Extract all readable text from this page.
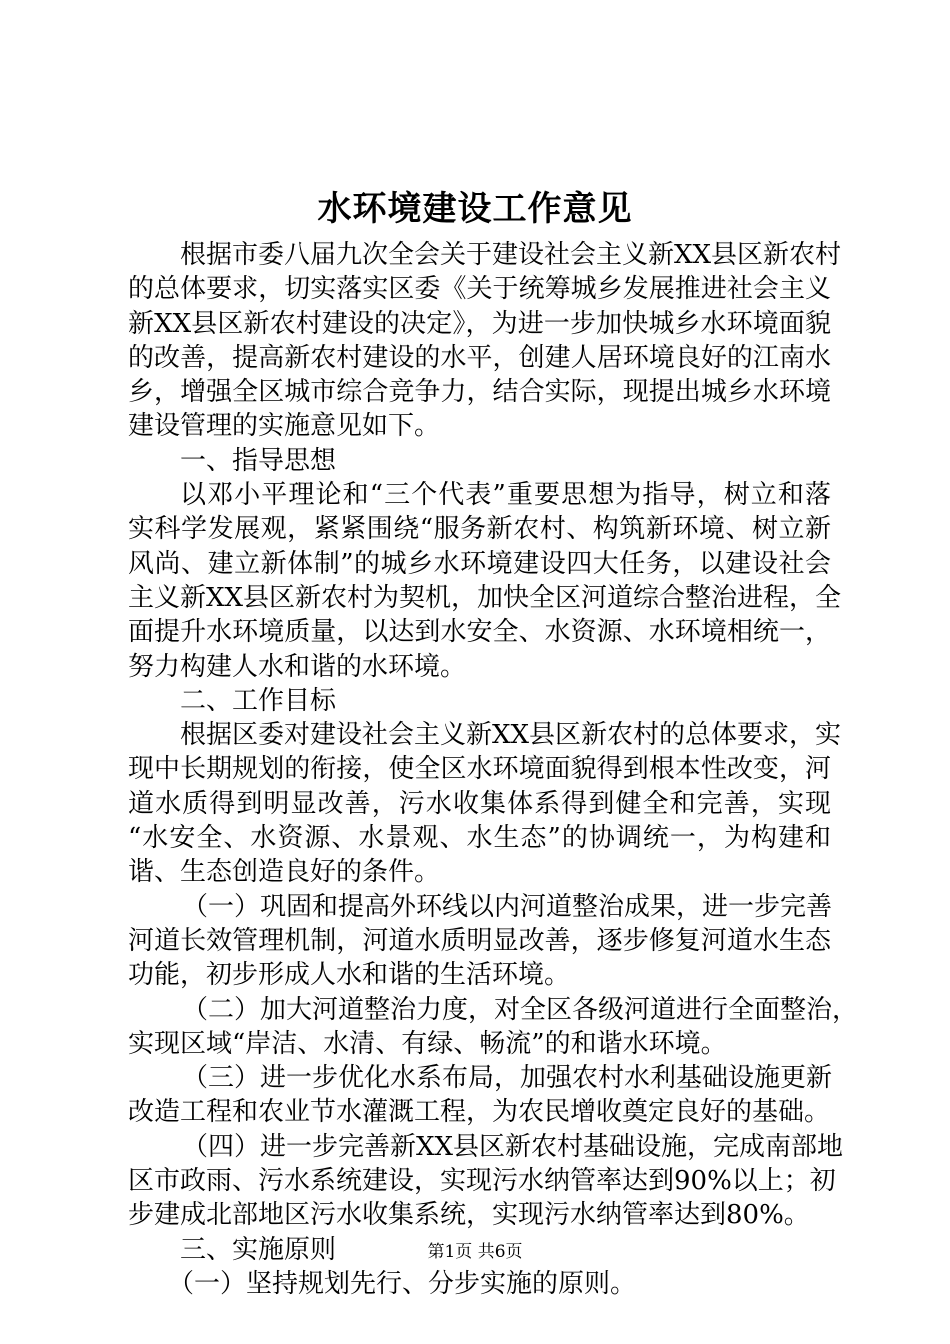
水环境建设工作意见
根据市委八届九次全会关于建设社会主义新XX县区新农村
的总体要求，切实落实区委《关于统筹城乡发展推进社会主义
新XX县区新农村建设的决定》，为进一步加快城乡水环境面貌
的改善，提高新农村建设的水平，创建人居环境良好的江南水
乡，增强全区城市综合竞争力，结合实际，现提出城乡水环境
建设管理的实施意见如下。
一、指导思想
以邓小平理论和“三个代表”重要思想为指导，树立和落
实科学发展观，紧紧围绕“服务新农村、构筑新环境、树立新
风尚、建立新体制”的城乡水环境建设四大任务，以建设社会
主义新XX县区新农村为契机，加快全区河道综合整治进程，全
面提升水环境质量，以达到水安全、水资源、水环境相统一，
努力构建人水和谐的水环境。
二、工作目标
根据区委对建设社会主义新XX县区新农村的总体要求，实
现中长期规划的衔接，使全区水环境面貌得到根本性改变，河
道水质得到明显改善，污水收集体系得到健全和完善，实现
“水安全、水资源、水景观、水生态”的协调统一，为构建和
谐、生态创造良好的条件。
（一）巩固和提高外环线以内河道整治成果，进一步完善
河道长效管理机制，河道水质明显改善，逐步修复河道水生态
功能，初步形成人水和谐的生活环境。
（二）加大河道整治力度，对全区各级河道进行全面整治，
实现区域“岸洁、水清、有绿、畅流”的和谐水环境。
（三）进一步优化水系布局，加强农村水利基础设施更新
改造工程和农业节水灌溉工程，为农民增收奠定良好的基础。
（四）进一步完善新XX县区新农村基础设施，完成南部地
区市政雨、污水系统建设，实现污水纳管率达到90%以上；初
步建成北部地区污水收集系统，实现污水纳管率达到80%。
三、实施原则
（一）坚持规划先行、分步实施的原则。
第1页 共6页
